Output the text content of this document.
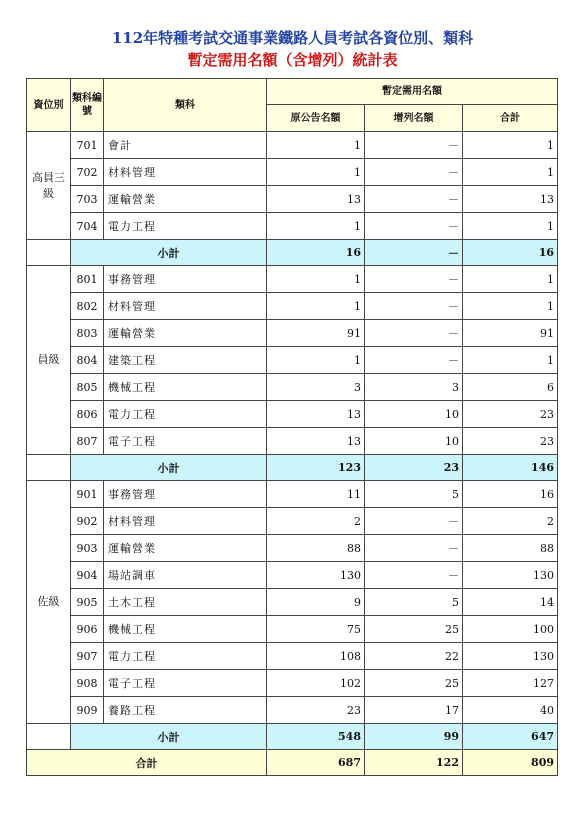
112年特種考試交通事業鐵路人員考試各資位別、類科
暫定需用名額（含增列）統計表
資位別	類科編號	類科	暫定需用名額		
			原公告名額	增列名額	合計
高員三級	701	會計	1	－	1
	702	材料管理	1	－	1
	703	運輸營業	13	－	13
	704	電力工程	1	－	1
	小計		16	－	16
員級	801	事務管理	1	－	1
	802	材料管理	1	－	1
	803	運輸營業	91	－	91
	804	建築工程	1	－	1
	805	機械工程	3	3	6
	806	電力工程	13	10	23
	807	電子工程	13	10	23
	小計		123	23	146
佐級	901	事務管理	11	5	16
	902	材料管理	2	－	2
	903	運輸營業	88	－	88
	904	場站調車	130	－	130
	905	土木工程	9	5	14
	906	機械工程	75	25	100
	907	電力工程	108	22	130
	908	電子工程	102	25	127
	909	養路工程	23	17	40
	小計		548	99	647
合計			687	122	809
